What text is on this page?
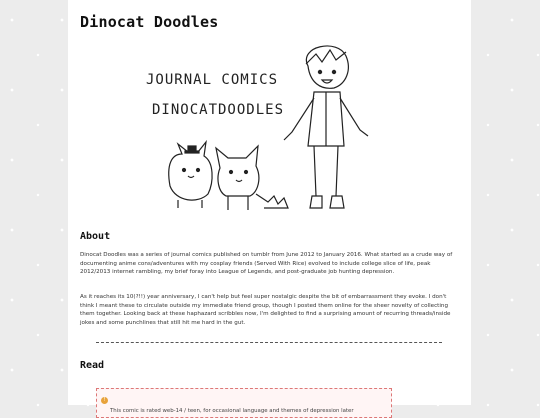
Dinocat Doodles
JOURNAL COMICS
DINOCATDOODLES
About

Dinocat Doodles was a series of journal comics published on tumblr from June 2012 to January 2016. What started as a crude way of documenting anime cons/adventures with my cosplay friends (Served With Rice) evolved to include college slice of life, peak 2012/2013 internet rambling, my brief foray into League of Legends, and post-graduate job hunting depression.

As it reaches its 10(?!!) year anniversary, I can't help but feel super nostalgic despite the bit of embarrassment they evoke. I don't think I meant these to circulate outside my immediate friend group, though I posted them online for the sheer novelty of collecting them together. Looking back at these haphazard scribbles now, I'm delighted to find a surprising amount of recurring threads/inside jokes and some punchlines that still hit me hard in the gut.

Read
!This comic is rated web-14 / teen, for occasional language and themes of depression later
